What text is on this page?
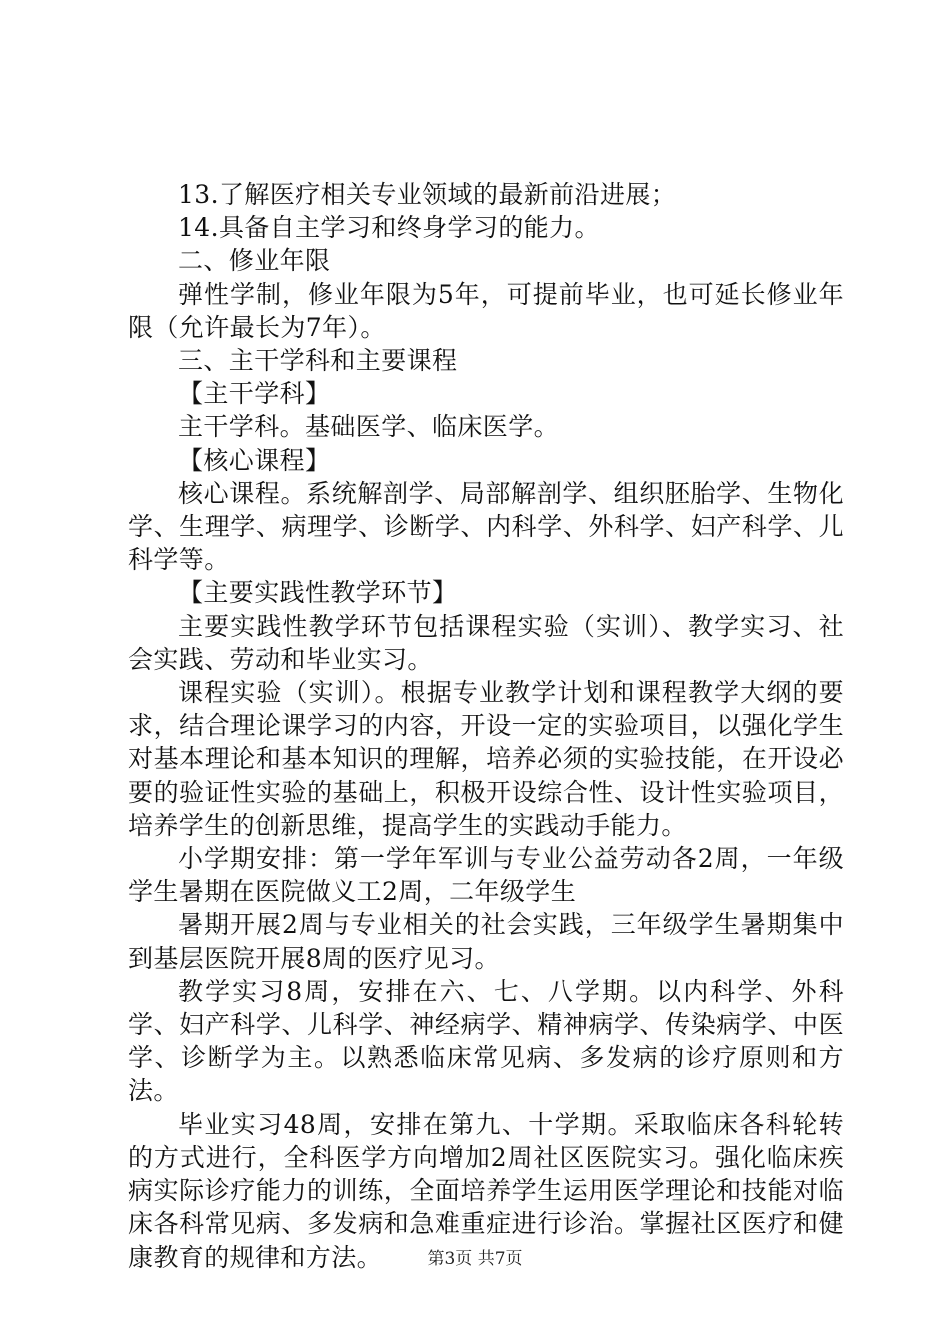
13.了解医疗相关专业领域的最新前沿进展；

14.具备自主学习和终身学习的能力。

二、修业年限

弹性学制，修业年限为5年，可提前毕业，也可延长修业年限（允许最长为7年）。

三、主干学科和主要课程

【主干学科】

主干学科。基础医学、临床医学。

【核心课程】

核心课程。系统解剖学、局部解剖学、组织胚胎学、生物化学、生理学、病理学、诊断学、内科学、外科学、妇产科学、儿科学等。

【主要实践性教学环节】

主要实践性教学环节包括课程实验（实训）、教学实习、社会实践、劳动和毕业实习。

课程实验（实训）。根据专业教学计划和课程教学大纲的要求，结合理论课学习的内容，开设一定的实验项目，以强化学生对基本理论和基本知识的理解，培养必须的实验技能，在开设必要的验证性实验的基础上，积极开设综合性、设计性实验项目，培养学生的创新思维，提高学生的实践动手能力。

小学期安排：第一学年军训与专业公益劳动各2周，一年级学生暑期在医院做义工2周，二年级学生

暑期开展2周与专业相关的社会实践，三年级学生暑期集中到基层医院开展8周的医疗见习。

教学实习8周，安排在六、七、八学期。以内科学、外科学、妇产科学、儿科学、神经病学、精神病学、传染病学、中医学、诊断学为主。以熟悉临床常见病、多发病的诊疗原则和方法。

毕业实习48周，安排在第九、十学期。采取临床各科轮转的方式进行，全科医学方向增加2周社区医院实习。强化临床疾病实际诊疗能力的训练，全面培养学生运用医学理论和技能对临床各科常见病、多发病和急难重症进行诊治。掌握社区医疗和健康教育的规律和方法。	第3页 共7页
